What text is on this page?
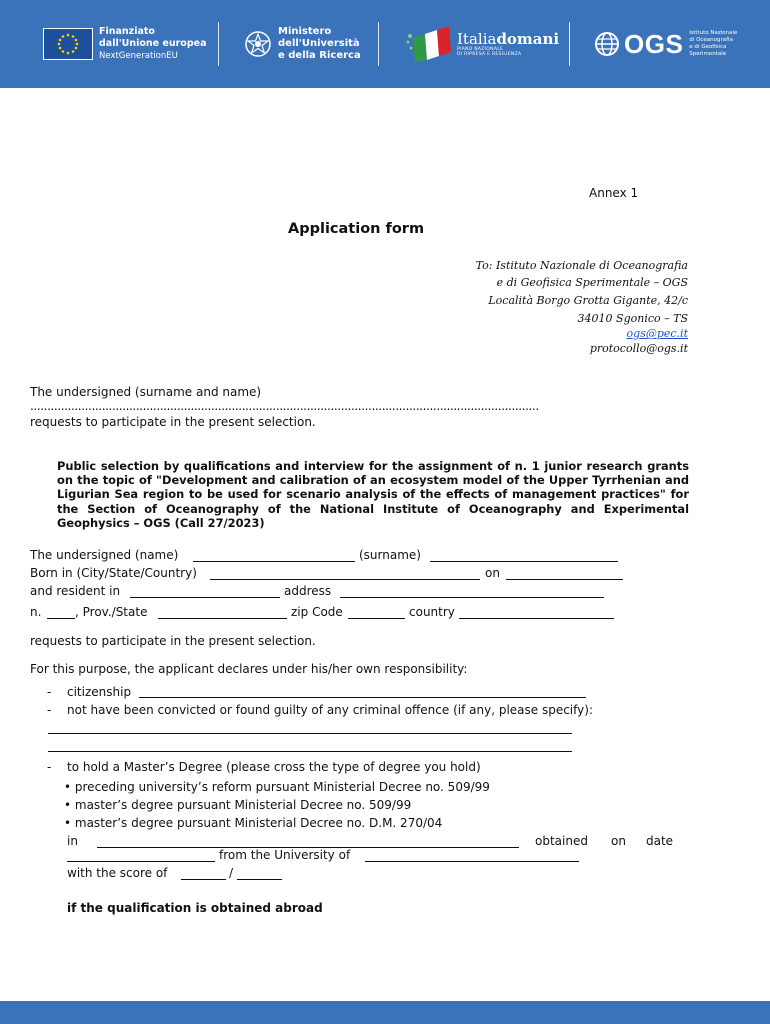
Finanziato
dall'Unione europea
NextGenerationEU
Ministero
dell'Università
e della Ricerca
Italiadomani
PIANO NAZIONALE
DI RIPRESA E RESILIENZA	OGS Istituto Nazionale
di Oceanografia
e di Geofisica
Sperimentale
Annex 1
Application form
To: Istituto Nazionale di Oceanografia
e di Geofisica Sperimentale – OGS
Località Borgo Grotta Gigante, 42/c
34010 Sgonico – TS
ogs@pec.it
protocollo@ogs.it
The undersigned (surname and name)
.....................................................................................................................................................
requests to participate in the present selection.
Public selection by qualifications and interview for the assignment of n. 1 junior research grants on the topic of "Development and calibration of an ecosystem model of the Upper Tyrrhenian and Ligurian Sea region to be used for scenario analysis of the effects of management practices" for the Section of Oceanography of the National Institute of Oceanography and Experimental Geophysics – OGS (Call 27/2023)
The undersigned (name)	(surname)
Born in (City/State/Country)	on
and resident in	address
n.	, Prov./State	zip Code	country
requests to participate in the present selection.
For this purpose, the applicant declares under his/her own responsibility:
- citizenship
- not have been convicted or found guilty of any criminal offence (if any, please specify):
- to hold a Master’s Degree (please cross the type of degree you hold)
• preceding university’s reform pursuant Ministerial Decree no. 509/99
• master’s degree pursuant Ministerial Decree no. 509/99
• master’s degree pursuant Ministerial Decree no. D.M. 270/04
in	obtained on date
from the University of
with the score of	/
if the qualification is obtained abroad
